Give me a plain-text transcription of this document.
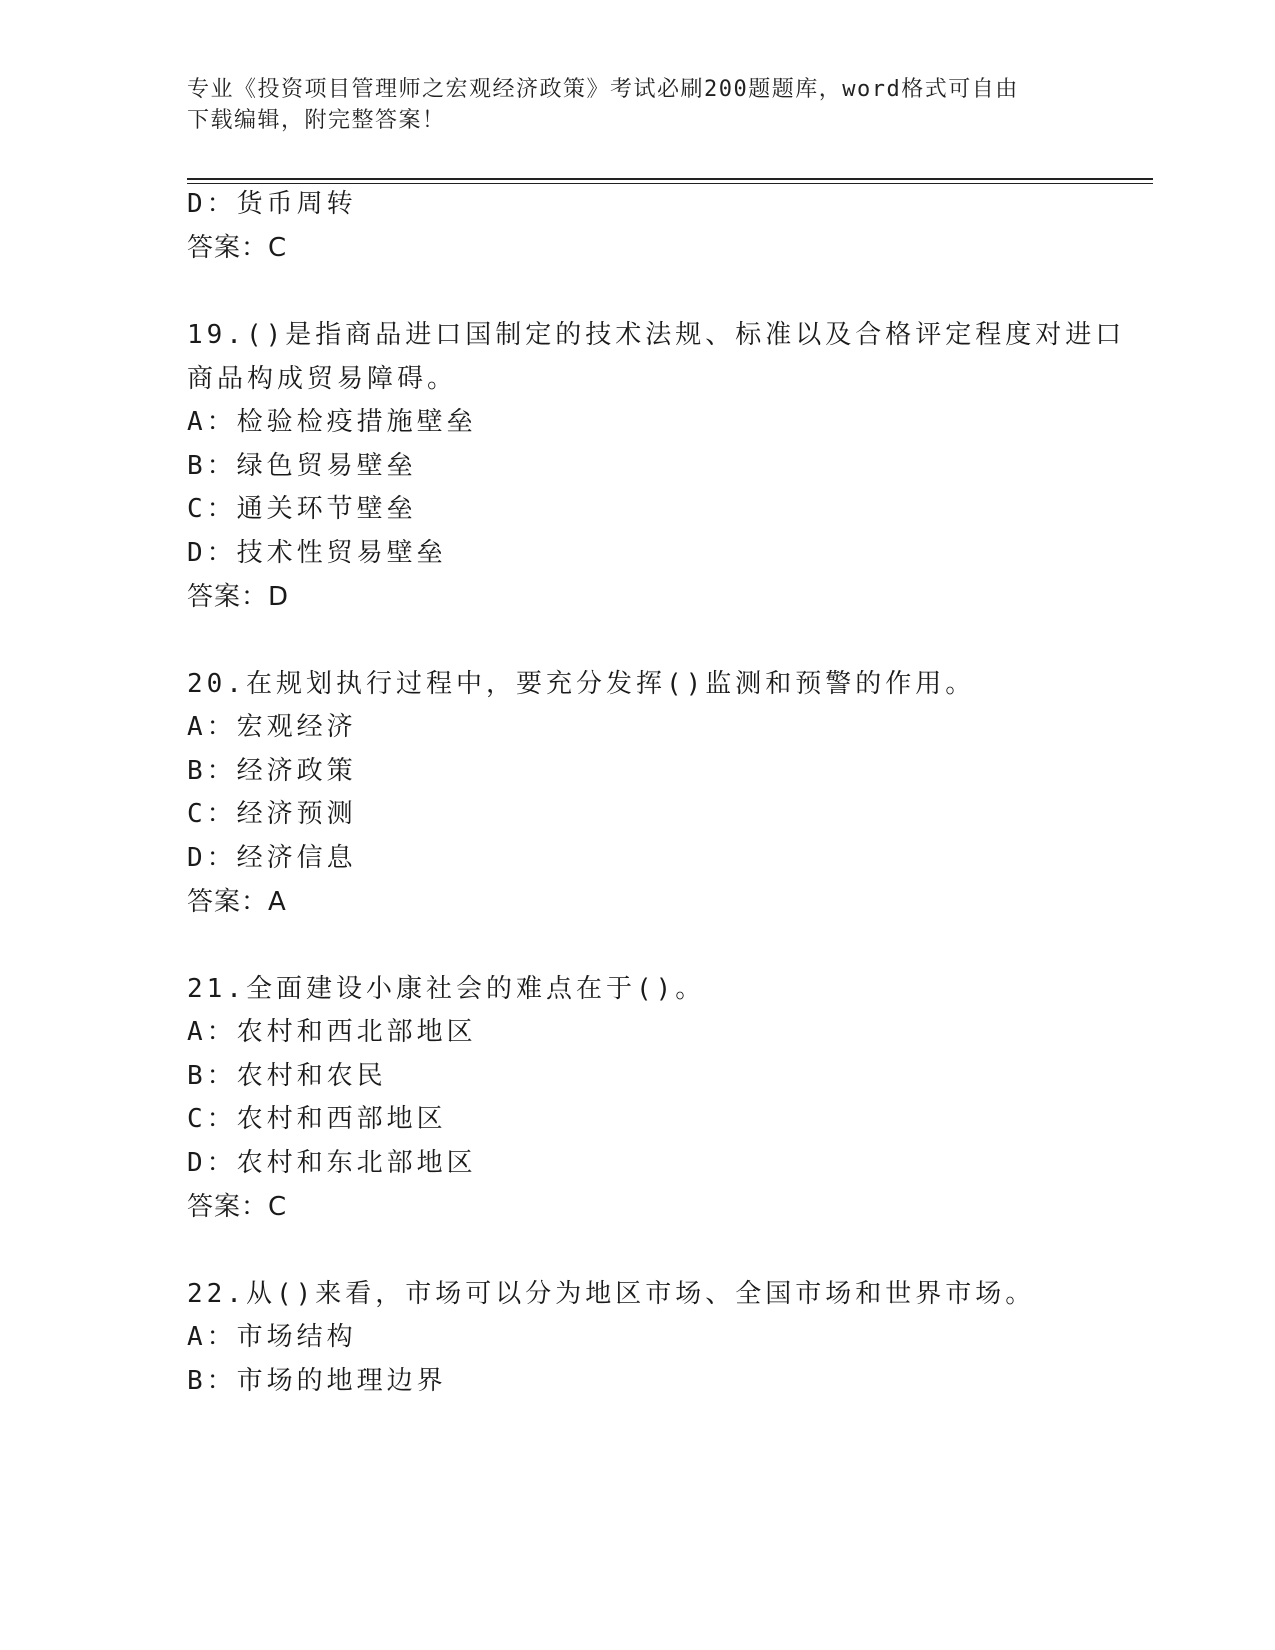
专业《投资项目管理师之宏观经济政策》考试必刷200题题库，word格式可自由
下载编辑，附完整答案！
D：货币周转
答案：C
19.()是指商品进口国制定的技术法规、标准以及合格评定程度对进口
商品构成贸易障碍。
A：检验检疫措施壁垒
B：绿色贸易壁垒
C：通关环节壁垒
D：技术性贸易壁垒
答案：D
20.在规划执行过程中，要充分发挥()监测和预警的作用。
A：宏观经济
B：经济政策
C：经济预测
D：经济信息
答案：A
21.全面建设小康社会的难点在于()。
A：农村和西北部地区
B：农村和农民
C：农村和西部地区
D：农村和东北部地区
答案：C
22.从()来看，市场可以分为地区市场、全国市场和世界市场。
A：市场结构
B：市场的地理边界
